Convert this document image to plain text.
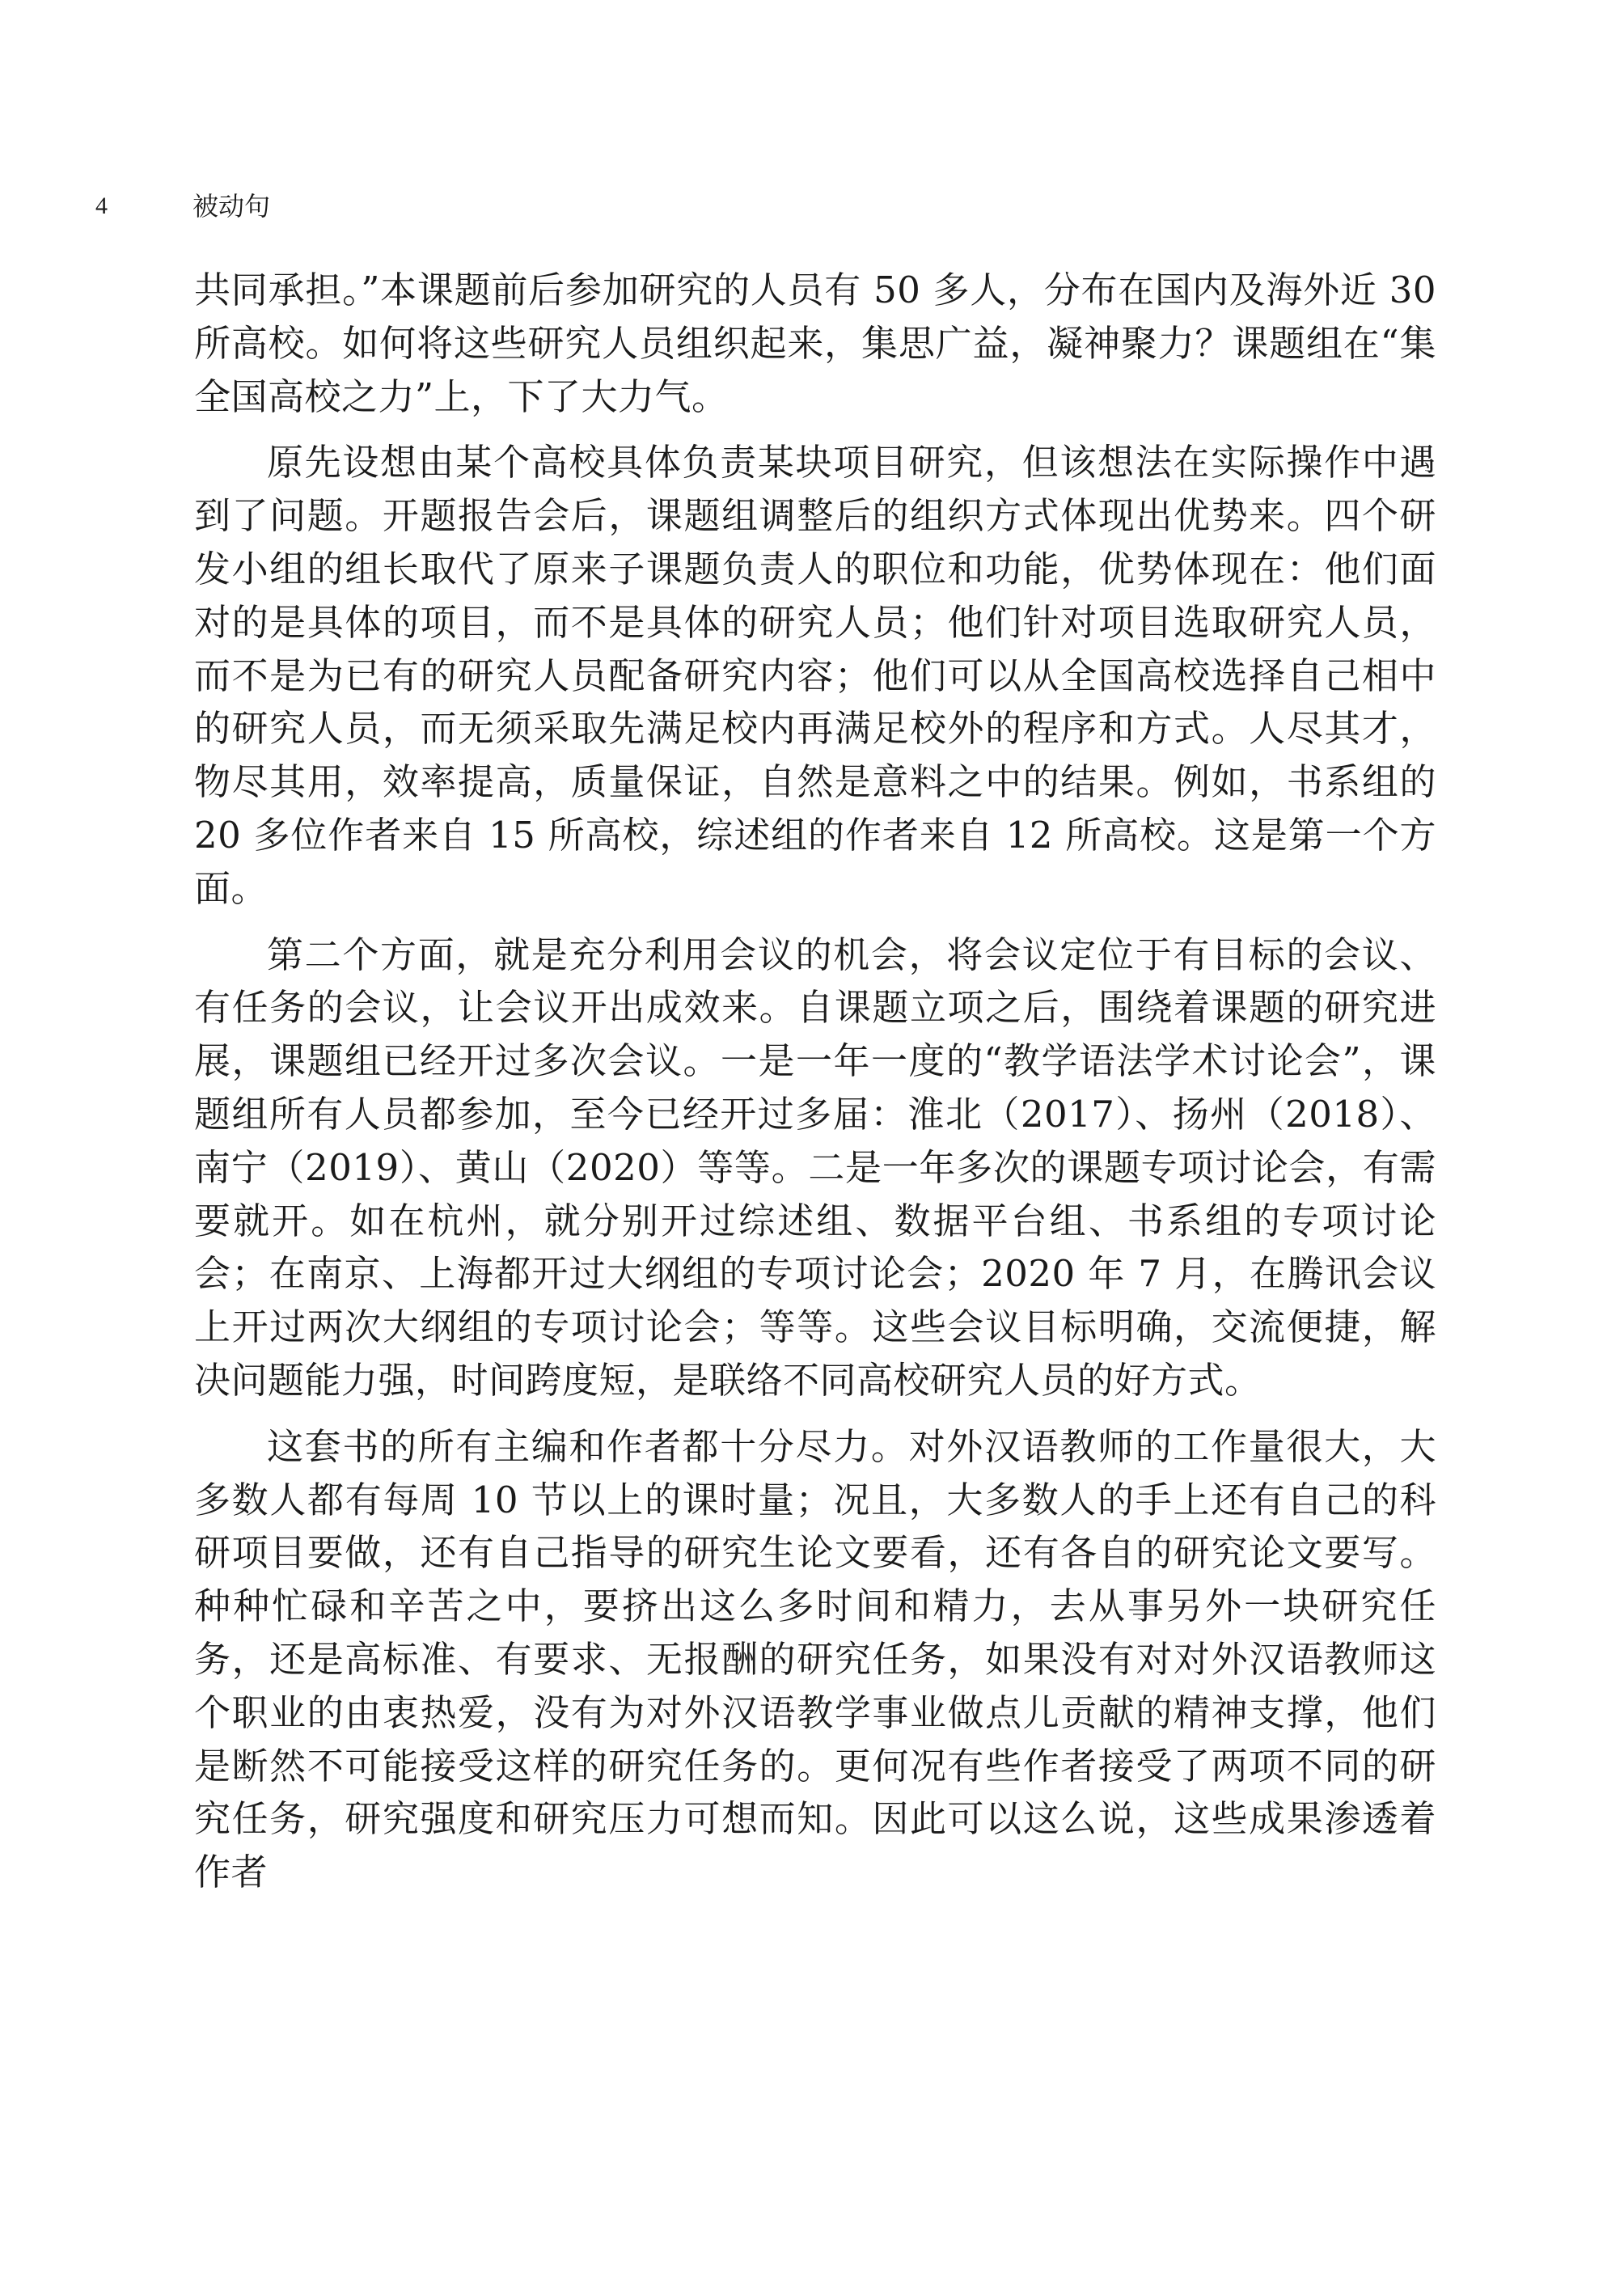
4	被动句

共同承担。”本课题前后参加研究的人员有 50 多人，分布在国内及海外近 30 所高校。如何将这些研究人员组织起来，集思广益，凝神聚力？课题组在“集全国高校之力”上，下了大力气。

原先设想由某个高校具体负责某块项目研究，但该想法在实际操作中遇到了问题。开题报告会后，课题组调整后的组织方式体现出优势来。四个研发小组的组长取代了原来子课题负责人的职位和功能，优势体现在：他们面对的是具体的项目，而不是具体的研究人员；他们针对项目选取研究人员，而不是为已有的研究人员配备研究内容；他们可以从全国高校选择自己相中的研究人员，而无须采取先满足校内再满足校外的程序和方式。人尽其才，物尽其用，效率提高，质量保证，自然是意料之中的结果。例如，书系组的 20 多位作者来自 15 所高校，综述组的作者来自 12 所高校。这是第一个方面。

第二个方面，就是充分利用会议的机会，将会议定位于有目标的会议、有任务的会议，让会议开出成效来。自课题立项之后，围绕着课题的研究进展，课题组已经开过多次会议。一是一年一度的“教学语法学术讨论会”，课题组所有人员都参加，至今已经开过多届：淮北（2017）、扬州（2018）、南宁（2019）、黄山（2020）等等。二是一年多次的课题专项讨论会，有需要就开。如在杭州，就分别开过综述组、数据平台组、书系组的专项讨论会；在南京、上海都开过大纲组的专项讨论会；2020 年 7 月，在腾讯会议上开过两次大纲组的专项讨论会；等等。这些会议目标明确，交流便捷，解决问题能力强，时间跨度短，是联络不同高校研究人员的好方式。

这套书的所有主编和作者都十分尽力。对外汉语教师的工作量很大，大多数人都有每周 10 节以上的课时量；况且，大多数人的手上还有自己的科研项目要做，还有自己指导的研究生论文要看，还有各自的研究论文要写。种种忙碌和辛苦之中，要挤出这么多时间和精力，去从事另外一块研究任务，还是高标准、有要求、无报酬的研究任务，如果没有对对外汉语教师这个职业的由衷热爱，没有为对外汉语教学事业做点儿贡献的精神支撑，他们是断然不可能接受这样的研究任务的。更何况有些作者接受了两项不同的研究任务，研究强度和研究压力可想而知。因此可以这么说，这些成果渗透着作者
